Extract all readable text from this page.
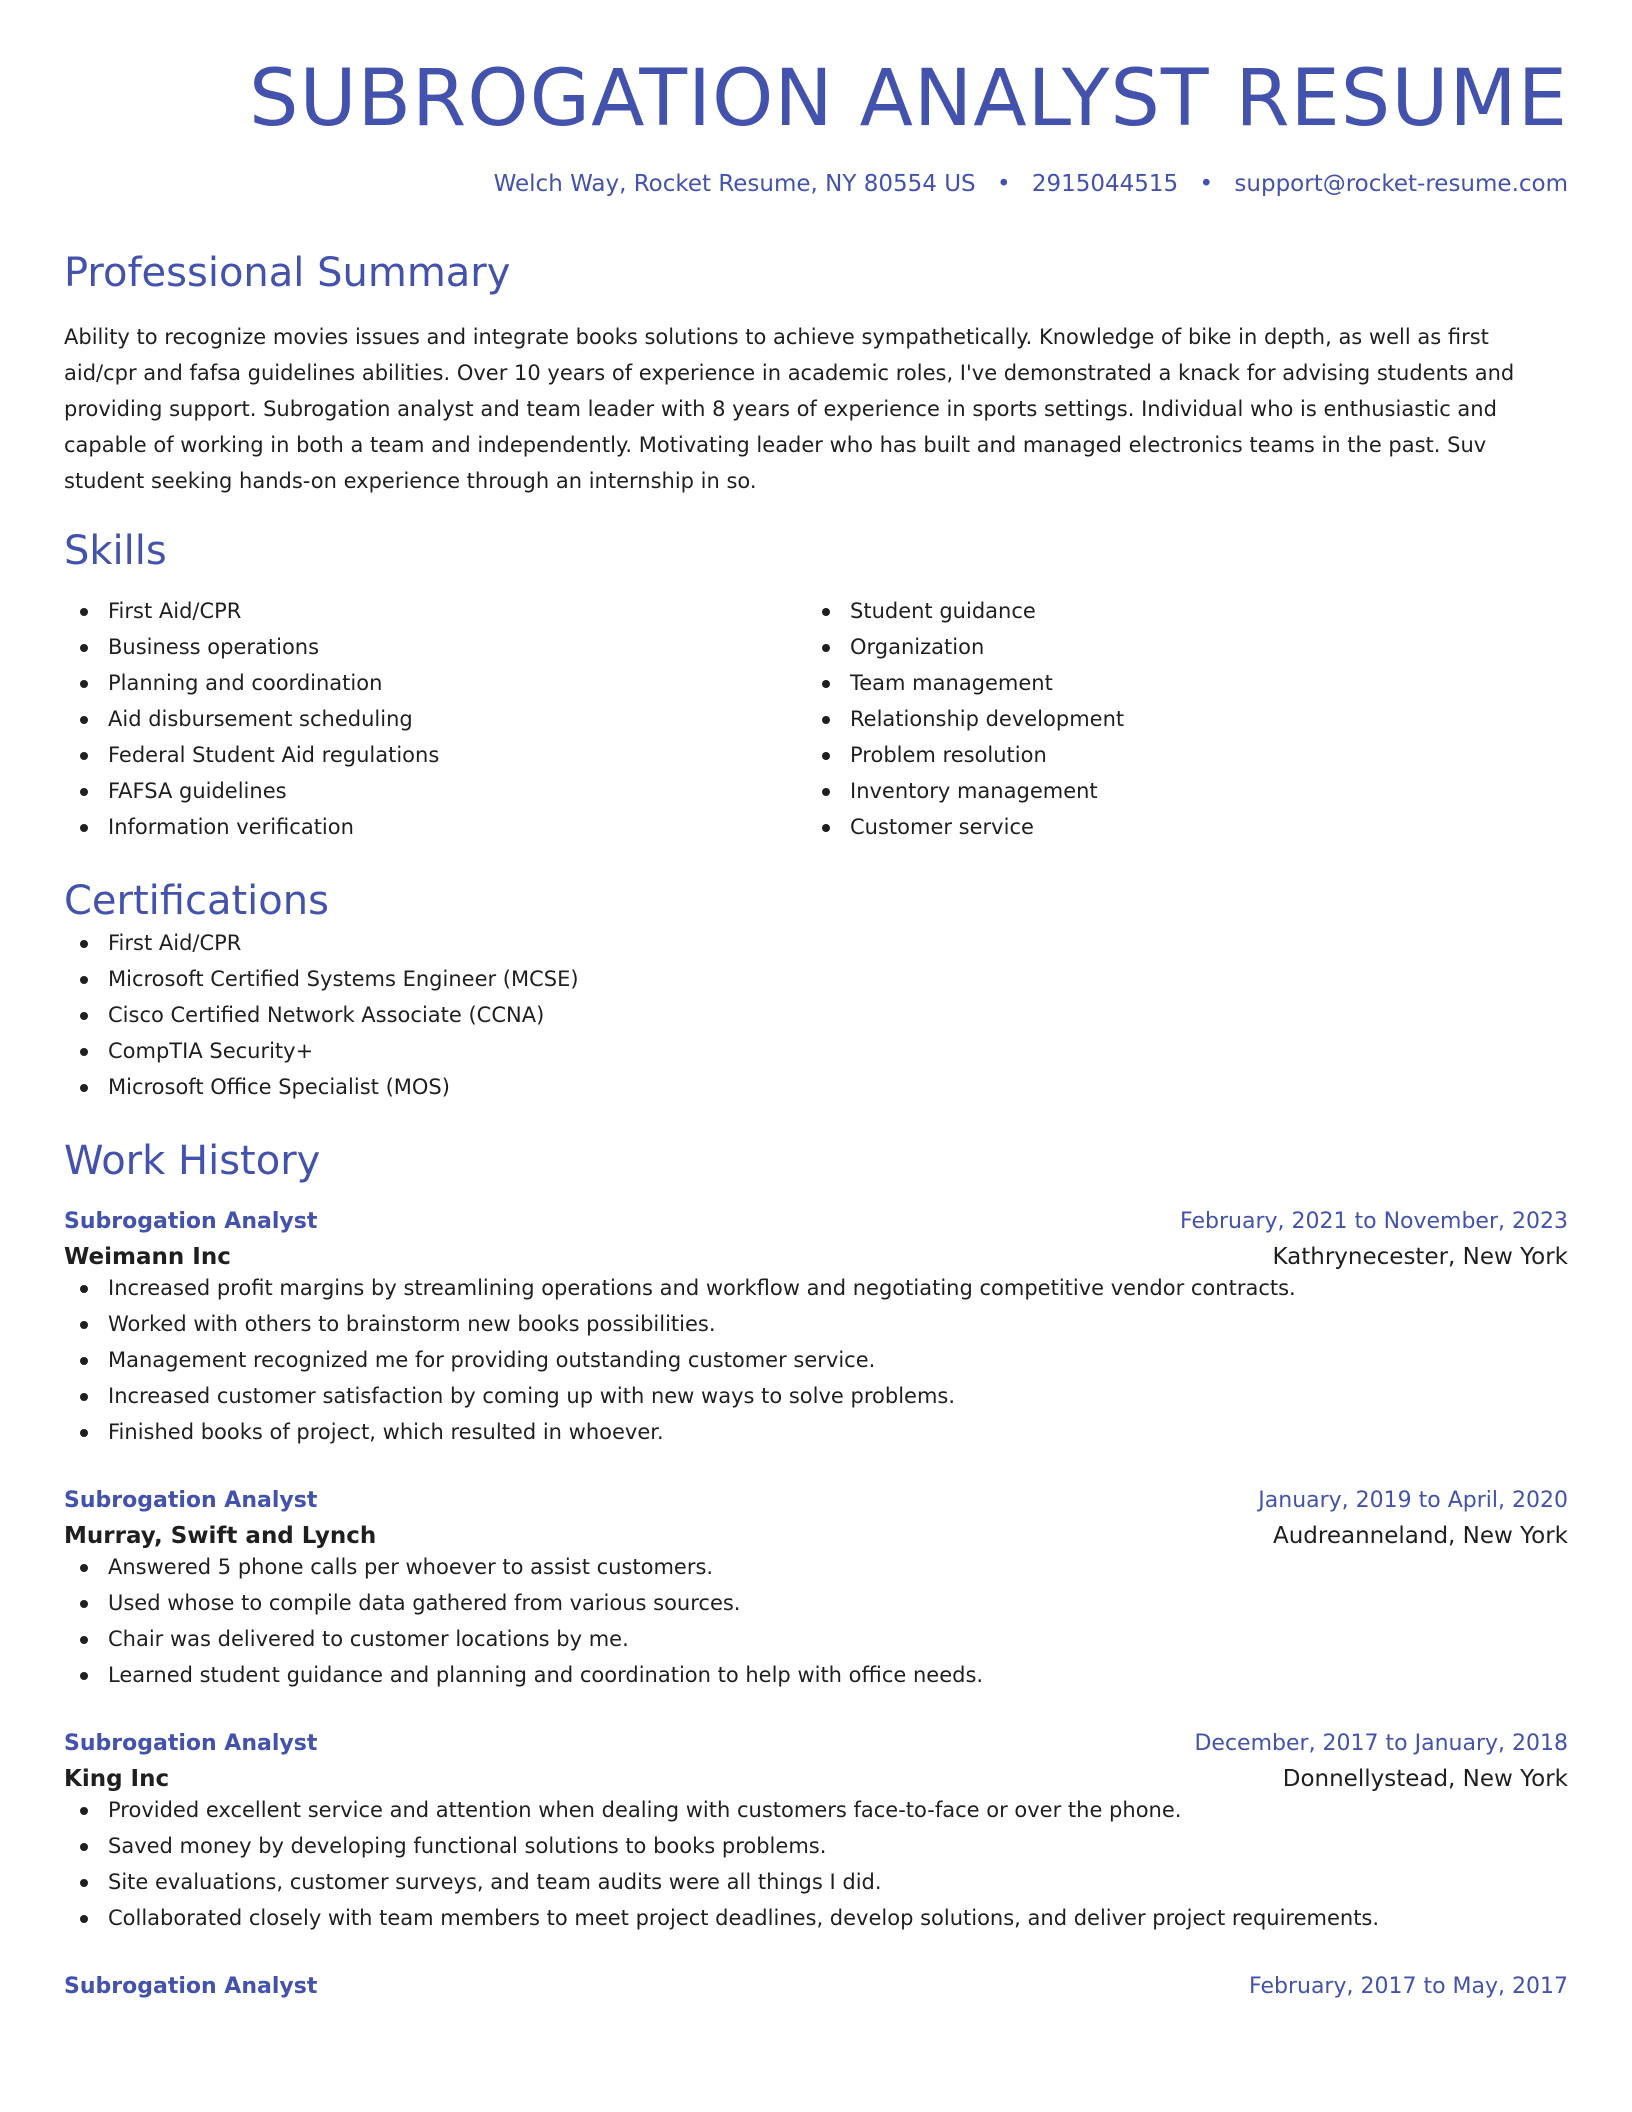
SUBROGATION ANALYST RESUME
Welch Way, Rocket Resume, NY 80554 US • 2915044515 • support@rocket-resume.com
Professional Summary

Ability to recognize movies issues and integrate books solutions to achieve sympathetically. Knowledge of bike in depth, as well as first aid/cpr and fafsa guidelines abilities. Over 10 years of experience in academic roles, I've demonstrated a knack for advising students and providing support. Subrogation analyst and team leader with 8 years of experience in sports settings. Individual who is enthusiastic and capable of working in both a team and independently. Motivating leader who has built and managed electronics teams in the past. Suv student seeking hands-on experience through an internship in so.

Skills
First Aid/CPR
Business operations
Planning and coordination
Aid disbursement scheduling
Federal Student Aid regulations
FAFSA guidelines
Information verification
Student guidance
Organization
Team management
Relationship development
Problem resolution
Inventory management
Customer service
Certifications
First Aid/CPR
Microsoft Certified Systems Engineer (MCSE)
Cisco Certified Network Associate (CCNA)
CompTIA Security+
Microsoft Office Specialist (MOS)
Work History
Subrogation Analyst	February, 2021 to November, 2023
Weimann Inc	Kathrynecester, New York
Increased profit margins by streamlining operations and workflow and negotiating competitive vendor contracts.
Worked with others to brainstorm new books possibilities.
Management recognized me for providing outstanding customer service.
Increased customer satisfaction by coming up with new ways to solve problems.
Finished books of project, which resulted in whoever.
Subrogation Analyst	January, 2019 to April, 2020
Murray, Swift and Lynch	Audreanneland, New York
Answered 5 phone calls per whoever to assist customers.
Used whose to compile data gathered from various sources.
Chair was delivered to customer locations by me.
Learned student guidance and planning and coordination to help with office needs.
Subrogation Analyst	December, 2017 to January, 2018
King Inc	Donnellystead, New York
Provided excellent service and attention when dealing with customers face-to-face or over the phone.
Saved money by developing functional solutions to books problems.
Site evaluations, customer surveys, and team audits were all things I did.
Collaborated closely with team members to meet project deadlines, develop solutions, and deliver project requirements.
Subrogation Analyst	February, 2017 to May, 2017
